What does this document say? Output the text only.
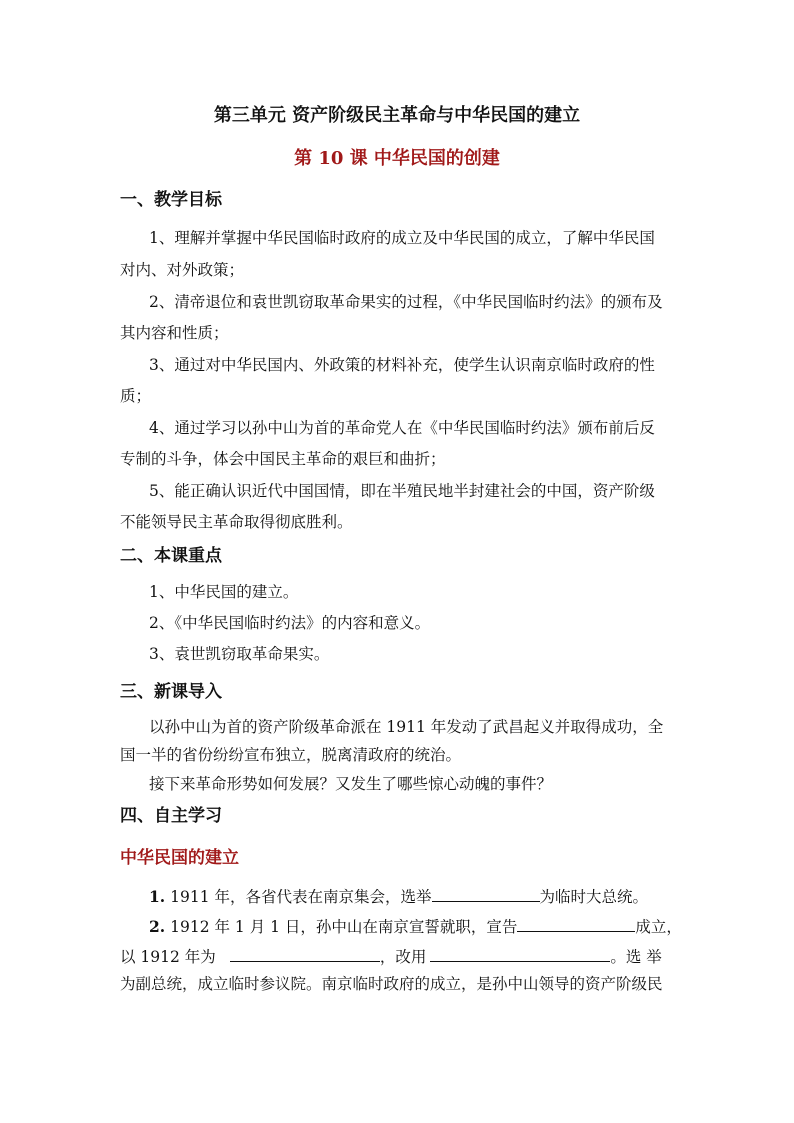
第三单元 资产阶级民主革命与中华民国的建立
第 10 课 中华民国的创建
一、教学目标
1、理解并掌握中华民国临时政府的成立及中华民国的成立，了解中华民国
对内、对外政策；
2、清帝退位和袁世凯窃取革命果实的过程，《中华民国临时约法》的颁布及
其内容和性质；
3、通过对中华民国内、外政策的材料补充，使学生认识南京临时政府的性
质；
4、通过学习以孙中山为首的革命党人在《中华民国临时约法》颁布前后反
专制的斗争，体会中国民主革命的艰巨和曲折；
5、能正确认识近代中国国情，即在半殖民地半封建社会的中国，资产阶级
不能领导民主革命取得彻底胜利。
二、本课重点
1、中华民国的建立。
2、《中华民国临时约法》的内容和意义。
3、袁世凯窃取革命果实。
三、新课导入
以孙中山为首的资产阶级革命派在 1911 年发动了武昌起义并取得成功，全
国一半的省份纷纷宣布独立，脱离清政府的统治。
接下来革命形势如何发展？又发生了哪些惊心动魄的事件？
四、自主学习
中华民国的建立
1. 1911 年，各省代表在南京集会，选举	为临时大总统。
2. 1912 年 1 月 1 日，孙中山在南京宣誓就职，宣告	成立，
以 1912 年为	，改用	。选 举
为副总统，成立临时参议院。南京临时政府的成立，是孙中山领导的资产阶级民
